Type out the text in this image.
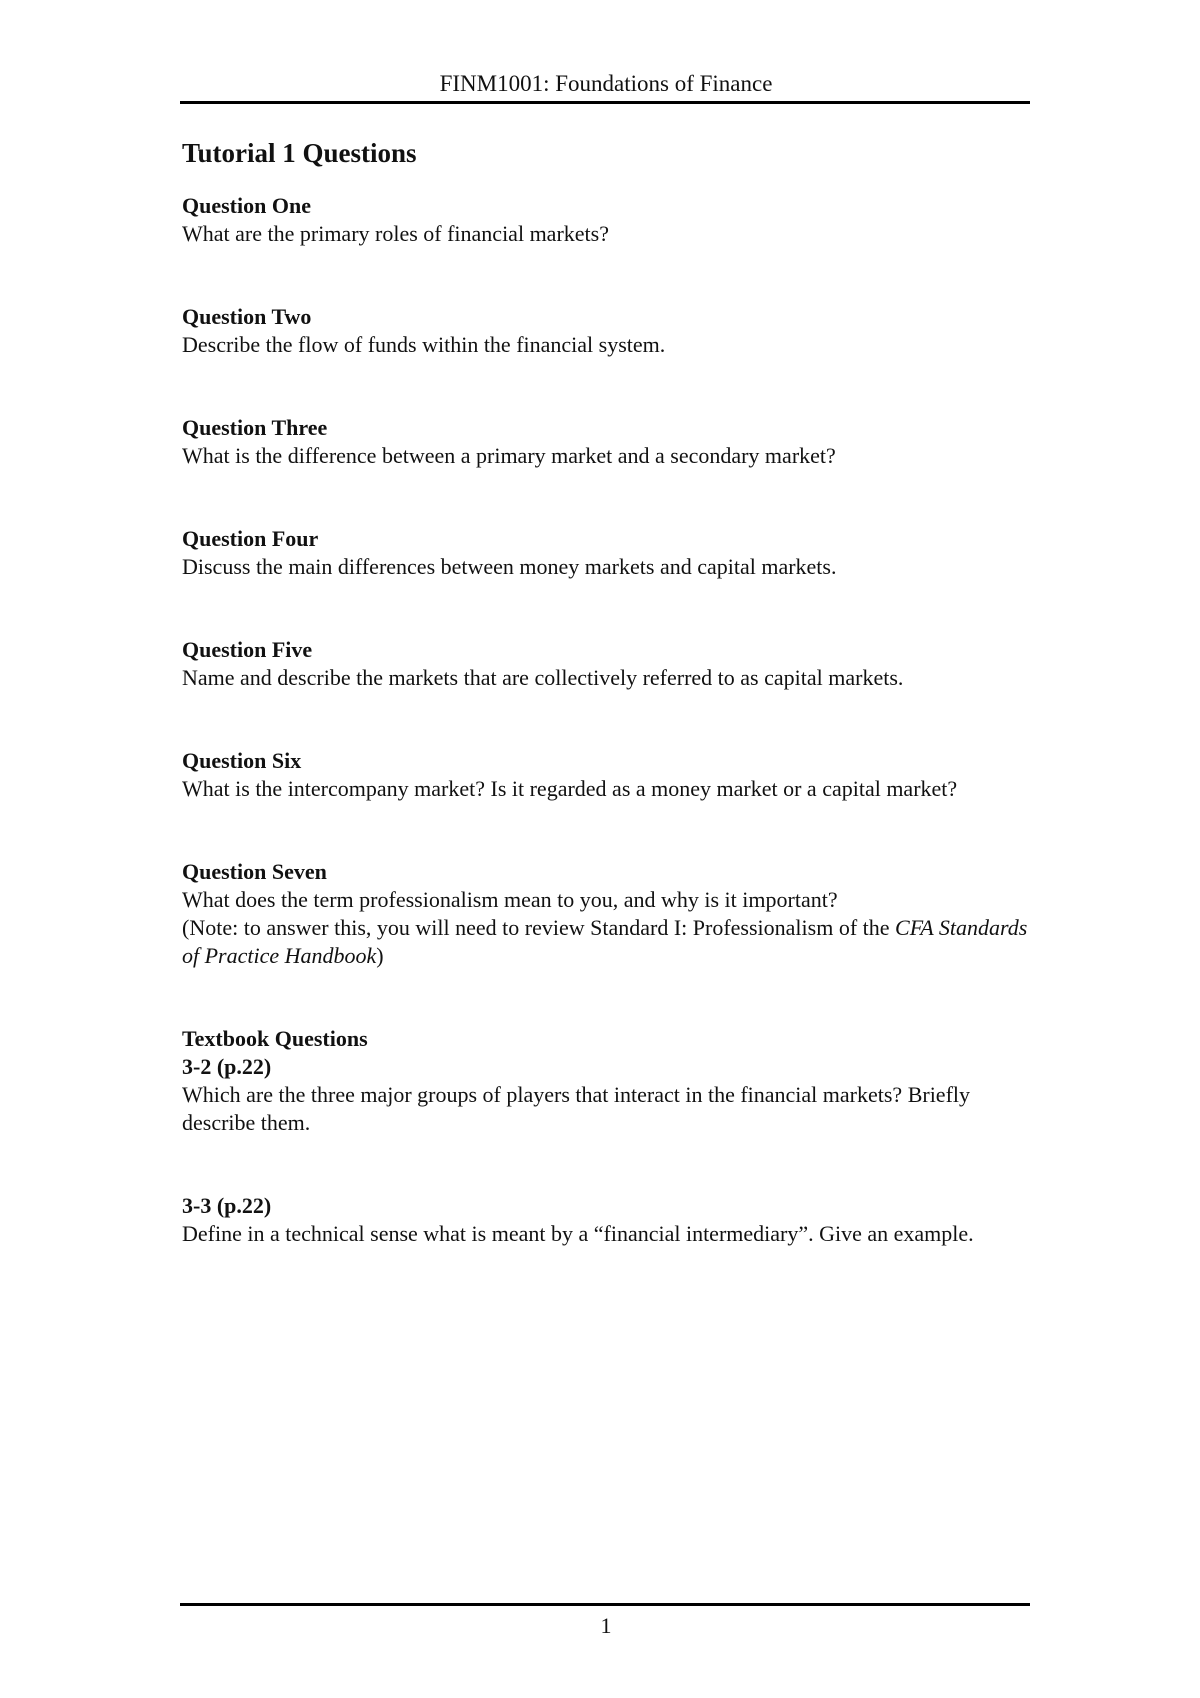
FINM1001: Foundations of Finance
Tutorial 1 Questions
Question One
What are the primary roles of financial markets?
Question Two
Describe the flow of funds within the financial system.
Question Three
What is the difference between a primary market and a secondary market?
Question Four
Discuss the main differences between money markets and capital markets.
Question Five
Name and describe the markets that are collectively referred to as capital markets.
Question Six
What is the intercompany market? Is it regarded as a money market or a capital market?
Question Seven
What does the term professionalism mean to you, and why is it important?
(Note: to answer this, you will need to review Standard I: Professionalism of the CFA Standards of Practice Handbook)
Textbook Questions
3-2 (p.22)
Which are the three major groups of players that interact in the financial markets? Briefly describe them.
3-3 (p.22)
Define in a technical sense what is meant by a “financial intermediary”. Give an example.
1
